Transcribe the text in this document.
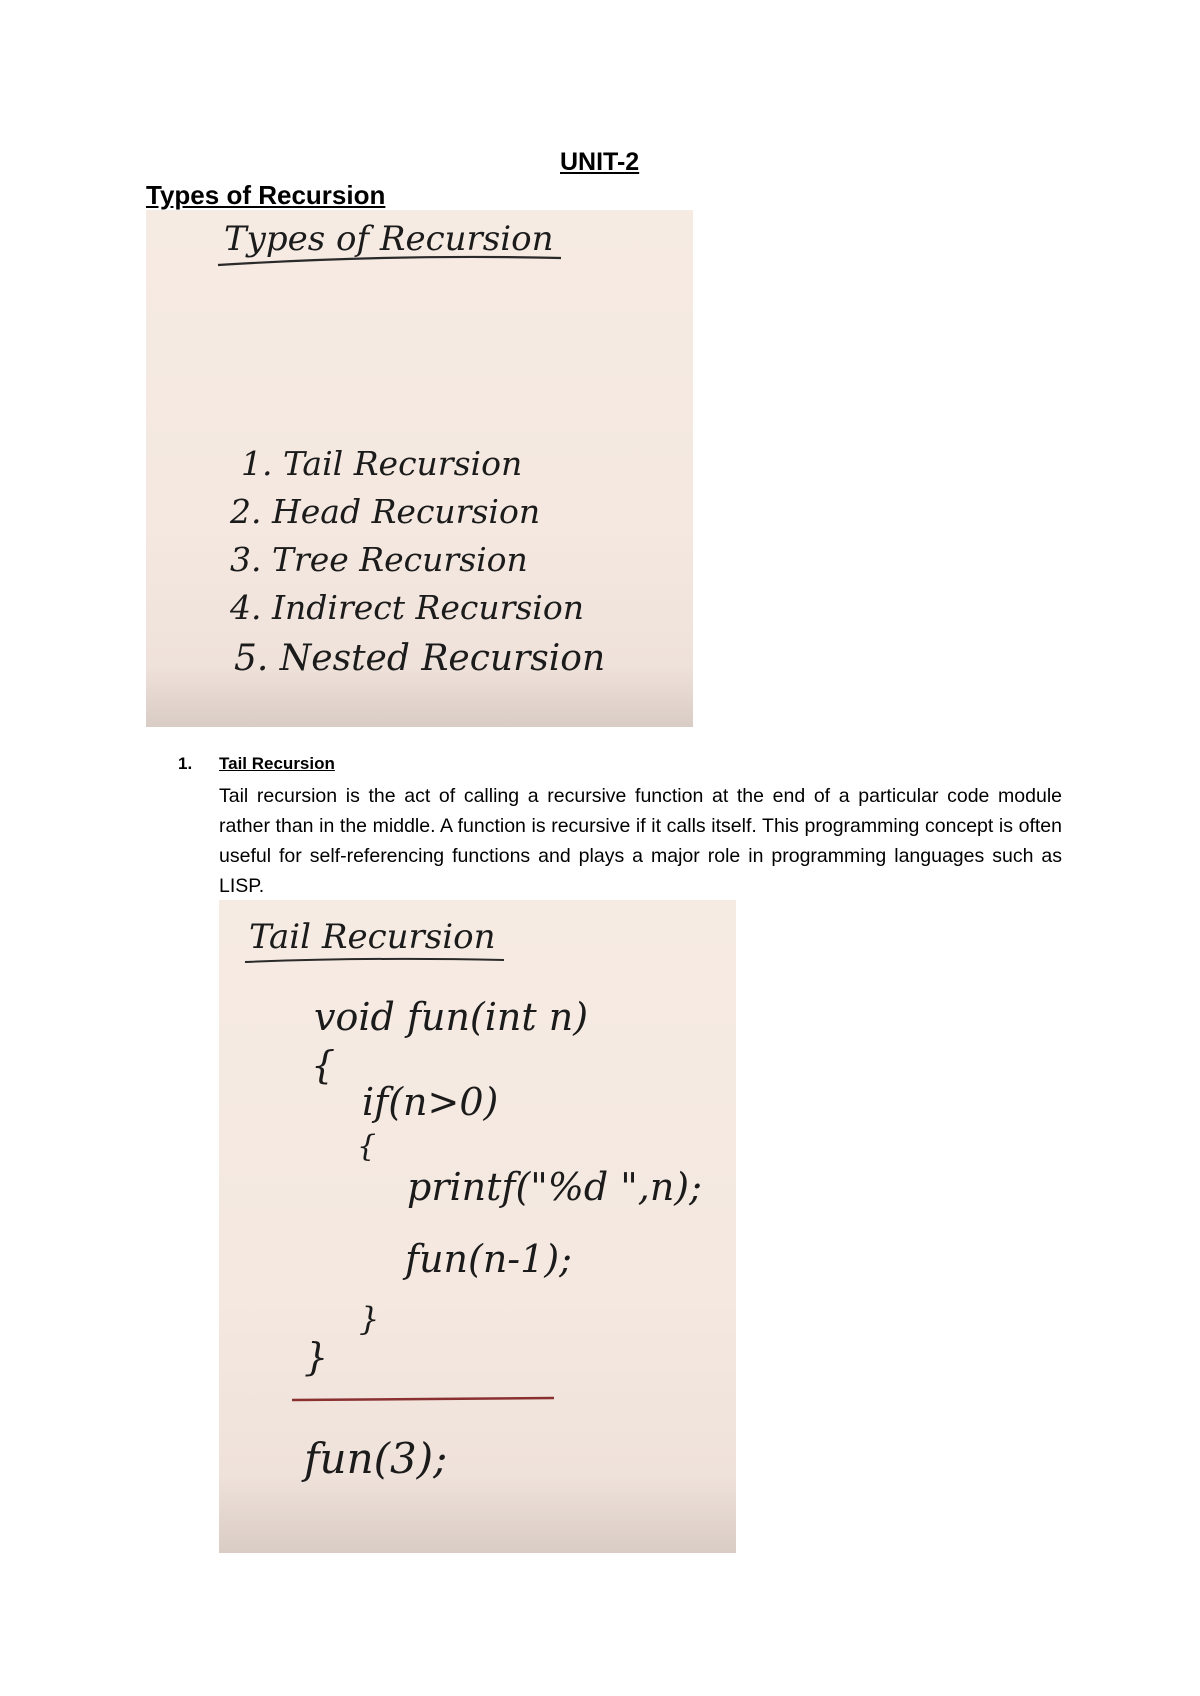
UNIT-2
Types of Recursion
Types of Recursion
1. Tail Recursion
2. Head Recursion
3. Tree Recursion
4. Indirect Recursion
5. Nested Recursion
1. Tail Recursion
Tail recursion is the act of calling a recursive function at the end of a particular code module rather than in the middle. A function is recursive if it calls itself. This programming concept is often useful for self-referencing functions and plays a major role in programming languages such as LISP.
Tail Recursion
void fun(int n)
{
if(n>0)
{
printf("%d ",n);
fun(n-1);
}
}
fun(3);
